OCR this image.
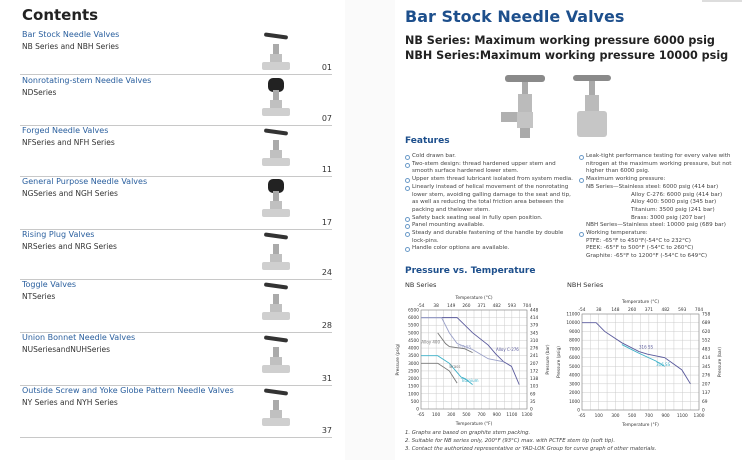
Contents
Bar Stock Needle Valves
NB Series and NBH Series
01
Nonrotating-stem Needle Valves
NDSeries
07
Forged Needle Valves
NFSeries and NFH Series
11
General Purpose Needle Valves
NGSeries and NGH Series
17
Rising Plug Valves
NRSeries and NRG Series
24
Toggle Valves
NTSeries
28
Union Bonnet Needle Valves
NUSeriesandNUHSeries
31
Outside Screw and Yoke Globe Pattern Needle Valves
NY Series and NYH Series
37
Bar Stock Needle Valves
NB Series: Maximum working pressure 6000 psig
NBH Series:Maximum working pressure 10000 psig
Features
Cold drawn bar.
Two-stem design: thread hardened upper stem and
smooth surface hardened lower stem.
Upper stem thread lubricant isolated from system media.
Linearly instead of helical movement of the nonrotating
lower stem, avoiding galling damage to the seat and tip,
as well as reducing the total friction area between the
packing and thelower stem.
Safety back seating seal in fully open position.
Panel mounting available.
Steady and durable fastening of the handle by double
lock-pins.
Handle color options are available.
Leak-tight performance testing for every valve with
nitrogen at the maximum working pressure, but not
higher than 6000 psig.
Maximum working pressure:
NB Series—Stainless steel: 6000 psig (414 bar)
Alloy C-276: 6000 psig (414 bar)
Alloy 400: 5000 psig (345 bar)
Titanium: 3500 psig (241 bar)
Brass: 3000 psig (207 bar)
NBH Series—Stainless steel: 10000 psig (689 bar)
Working temperature:
PTFE: -65°F to 450°F(-54°C to 232°C)
PEEK: -65°F to 500°F (-54°C to 260°C)
Graphite: -65°F to 1200°F (-54°C to 649°C)
Pressure vs. Temperature
NB Series	NBH Series
-65 100 300 500 700 900 1100 1300
-54 38 149 260 371 482 593 704
0
500
1000
1500
2000
2500
3000
3500
4000
4500
5000
5500
6000
6500
0
35
69
103
138
172
207
241
276
310
345
379
414
448
Temperature (°F)
Temperature (°C)
Pressure (psig)	Pressure (bar)
Alloy C-276
316 SS
Alloy 400
Titanium
Brass
-65 100 300 500 700 900 1100 1300
-54 38 148 260 371 482 593 704
0
1000
2000
3000
4000
5000
6000
7000
8000
9000
10000
11000
0
69
137
207
276
345
414
483
552
620
689
758
Temperature (°F)
Temperature (°C)
Pressure (psig)	Pressure (bar)
316 SS
316 SS
1. Graphs are based on graphite stem packing.
2. Suitable for NB series only, 200°F (93°C) max. with PCTFE stem tip (soft tip).
3. Contact the authorized representative or YAD-LOK Group for curve graph of other materials.
